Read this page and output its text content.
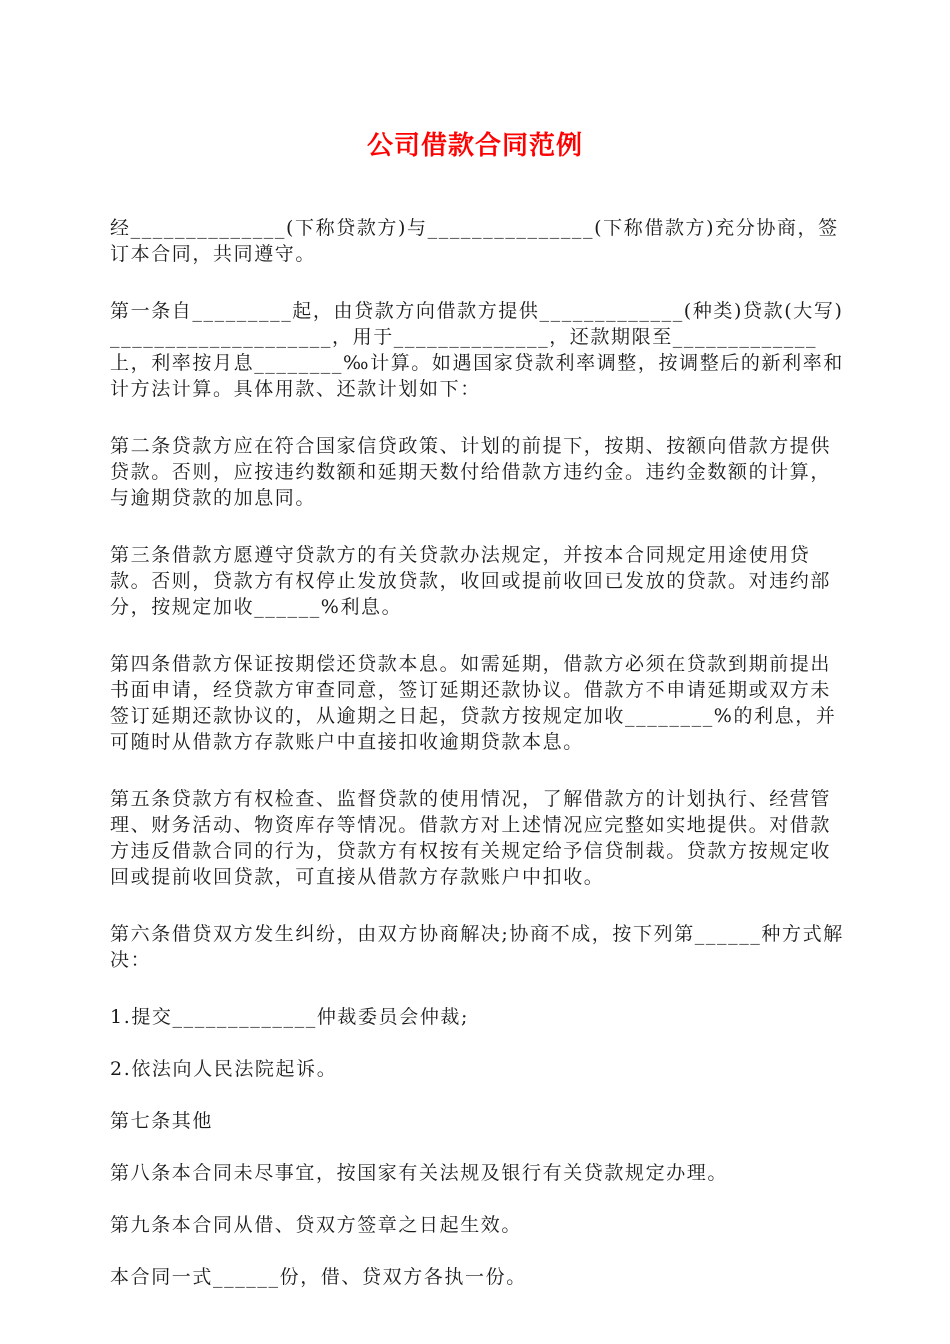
公司借款合同范例

经______________(下称贷款方)与_______________(下称借款方)充分协商，签订本合同，共同遵守。

第一条自_________起，由贷款方向借款方提供_____________(种类)贷款(大写)____________________，用于______________，还款期限至_____________上，利率按月息________‰计算。如遇国家贷款利率调整，按调整后的新利率和计方法计算。具体用款、还款计划如下：

第二条贷款方应在符合国家信贷政策、计划的前提下，按期、按额向借款方提供贷款。否则，应按违约数额和延期天数付给借款方违约金。违约金数额的计算，与逾期贷款的加息同。

第三条借款方愿遵守贷款方的有关贷款办法规定，并按本合同规定用途使用贷款。否则，贷款方有权停止发放贷款，收回或提前收回已发放的贷款。对违约部分，按规定加收______%利息。

第四条借款方保证按期偿还贷款本息。如需延期，借款方必须在贷款到期前提出书面申请，经贷款方审查同意，签订延期还款协议。借款方不申请延期或双方未签订延期还款协议的，从逾期之日起，贷款方按规定加收________%的利息，并可随时从借款方存款账户中直接扣收逾期贷款本息。

第五条贷款方有权检查、监督贷款的使用情况，了解借款方的计划执行、经营管理、财务活动、物资库存等情况。借款方对上述情况应完整如实地提供。对借款方违反借款合同的行为，贷款方有权按有关规定给予信贷制裁。贷款方按规定收回或提前收回贷款，可直接从借款方存款账户中扣收。

第六条借贷双方发生纠纷，由双方协商解决;协商不成，按下列第______种方式解决：

1.提交_____________仲裁委员会仲裁;

2.依法向人民法院起诉。

第七条其他

第八条本合同未尽事宜，按国家有关法规及银行有关贷款规定办理。

第九条本合同从借、贷双方签章之日起生效。

本合同一式______份，借、贷双方各执一份。
